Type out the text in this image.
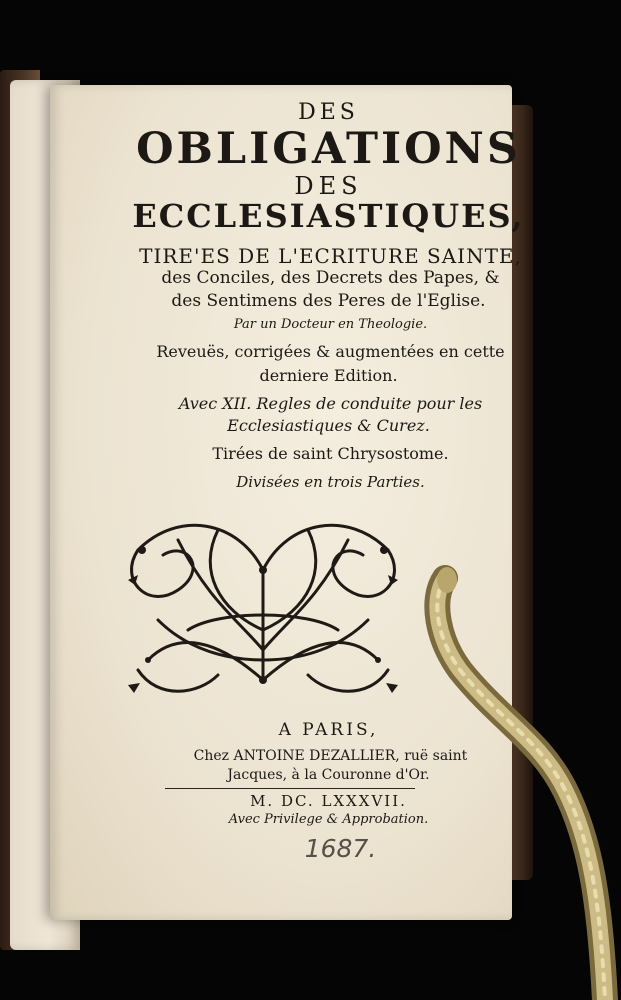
DES
OBLIGATIONS
DES
ECCLESIASTIQUES,
TIRE'ES DE L'ECRITURE SAINTE,
des Conciles, des Decrets des Papes, &
des Sentimens des Peres de l'Eglise.
Par un Docteur en Theologie.
Reveuës, corrigées & augmentées en cette
derniere Edition.
Avec XII. Regles de conduite pour les
Ecclesiastiques & Curez.
Tirées de saint Chrysostome.
Divisées en trois Parties.
A PARIS,
Chez ANTOINE DEZALLIER, ruë saint
Jacques, à la Couronne d'Or.
M. DC. LXXXVII.
Avec Privilege & Approbation.
1687.
